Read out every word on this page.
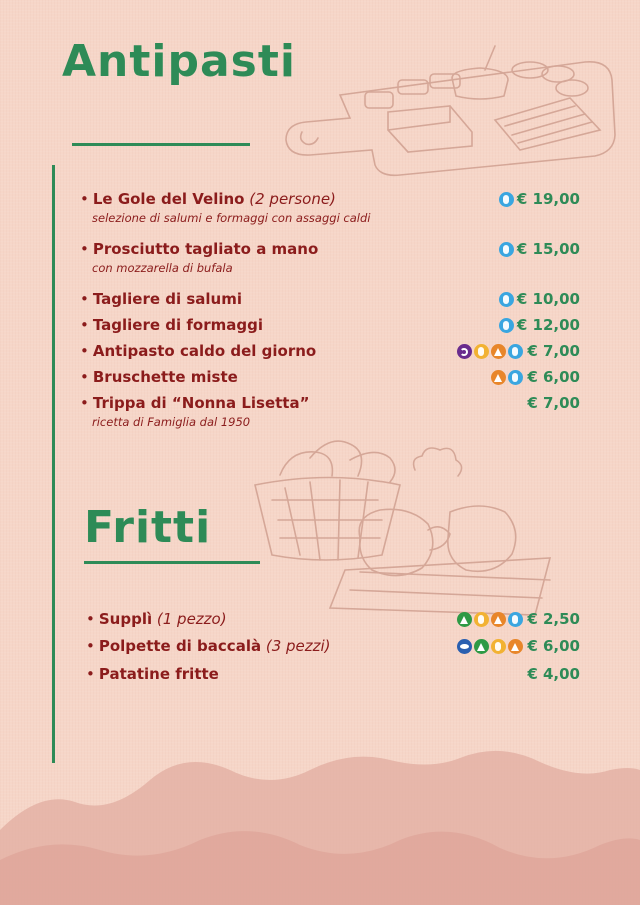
Antipasti
Fritti
• Le Gole del Velino (2 persone)
selezione di salumi e formaggi con assaggi caldi
€ 19,00
• Prosciutto tagliato a mano
con mozzarella di bufala
€ 15,00
• Tagliere di salumi	€ 10,00
• Tagliere di formaggi	€ 12,00
• Antipasto caldo del giorno	€ 7,00
• Bruschette miste	€ 6,00
• Trippa di “Nonna Lisetta”
ricetta di Famiglia dal 1950
€ 7,00
• Supplì (1 pezzo)	€ 2,50
• Polpette di baccalà (3 pezzi)	€ 6,00
• Patatine fritte	€ 4,00
